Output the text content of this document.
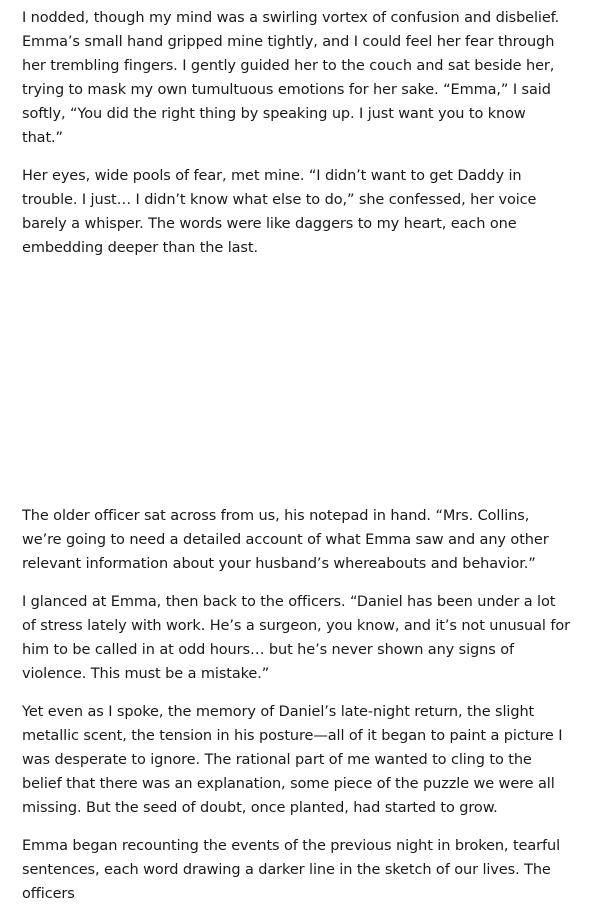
I nodded, though my mind was a swirling vortex of confusion and disbelief. Emma’s small hand gripped mine tightly, and I could feel her fear through her trembling fingers. I gently guided her to the couch and sat beside her, trying to mask my own tumultuous emotions for her sake. “Emma,” I said softly, “You did the right thing by speaking up. I just want you to know that.”

Her eyes, wide pools of fear, met mine. “I didn’t want to get Daddy in trouble. I just… I didn’t know what else to do,” she confessed, her voice barely a whisper. The words were like daggers to my heart, each one embedding deeper than the last.

The older officer sat across from us, his notepad in hand. “Mrs. Collins, we’re going to need a detailed account of what Emma saw and any other relevant information about your husband’s whereabouts and behavior.”

I glanced at Emma, then back to the officers. “Daniel has been under a lot of stress lately with work. He’s a surgeon, you know, and it’s not unusual for him to be called in at odd hours… but he’s never shown any signs of violence. This must be a mistake.”

Yet even as I spoke, the memory of Daniel’s late-night return, the slight metallic scent, the tension in his posture—all of it began to paint a picture I was desperate to ignore. The rational part of me wanted to cling to the belief that there was an explanation, some piece of the puzzle we were all missing. But the seed of doubt, once planted, had started to grow.

Emma began recounting the events of the previous night in broken, tearful sentences, each word drawing a darker line in the sketch of our lives. The officers
